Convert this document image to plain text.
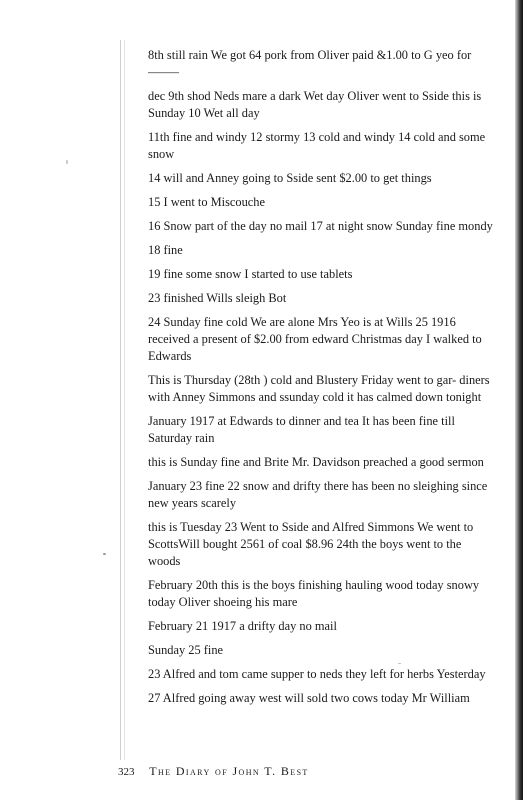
8th still rain We got 64 pork from Oliver paid &1.00 to G yeo for ——–

dec 9th shod Neds mare a dark Wet day Oliver went to Sside this is Sunday 10 Wet all day

11th fine and windy 12 stormy 13 cold and windy 14 cold and some snow

14 will and Anney going to Sside sent $2.00 to get things

15 I went to Miscouche

16 Snow part of the day no mail 17 at night snow Sunday fine mondy

18 fine

19 fine some snow I started to use tablets

23 finished Wills sleigh Bot

24 Sunday fine cold We are alone Mrs Yeo is at Wills 25 1916 received a present of $2.00 from edward Christmas day I walked to Edwards

This is Thursday (28th ) cold and Blustery Friday went to gar- diners with Anney Simmons and ssunday cold it has calmed down tonight

January 1917 at Edwards to dinner and tea It has been fine till Saturday rain

this is Sunday fine and Brite Mr. Davidson preached a good sermon

January 23 fine 22 snow and drifty there has been no sleighing since new years scarely

this is Tuesday 23 Went to Sside and Alfred Simmons We went to ScottsWill bought 2561 of coal $8.96 24th the boys went to the woods

February 20th this is the boys finishing hauling wood today snowy today Oliver shoeing his mare

February 21 1917 a drifty day no mail

Sunday 25 fine

23 Alfred and tom came supper to neds they left for herbs Yesterday

27 Alfred going away west will sold two cows today Mr William

323 The Diary of John T. Best
